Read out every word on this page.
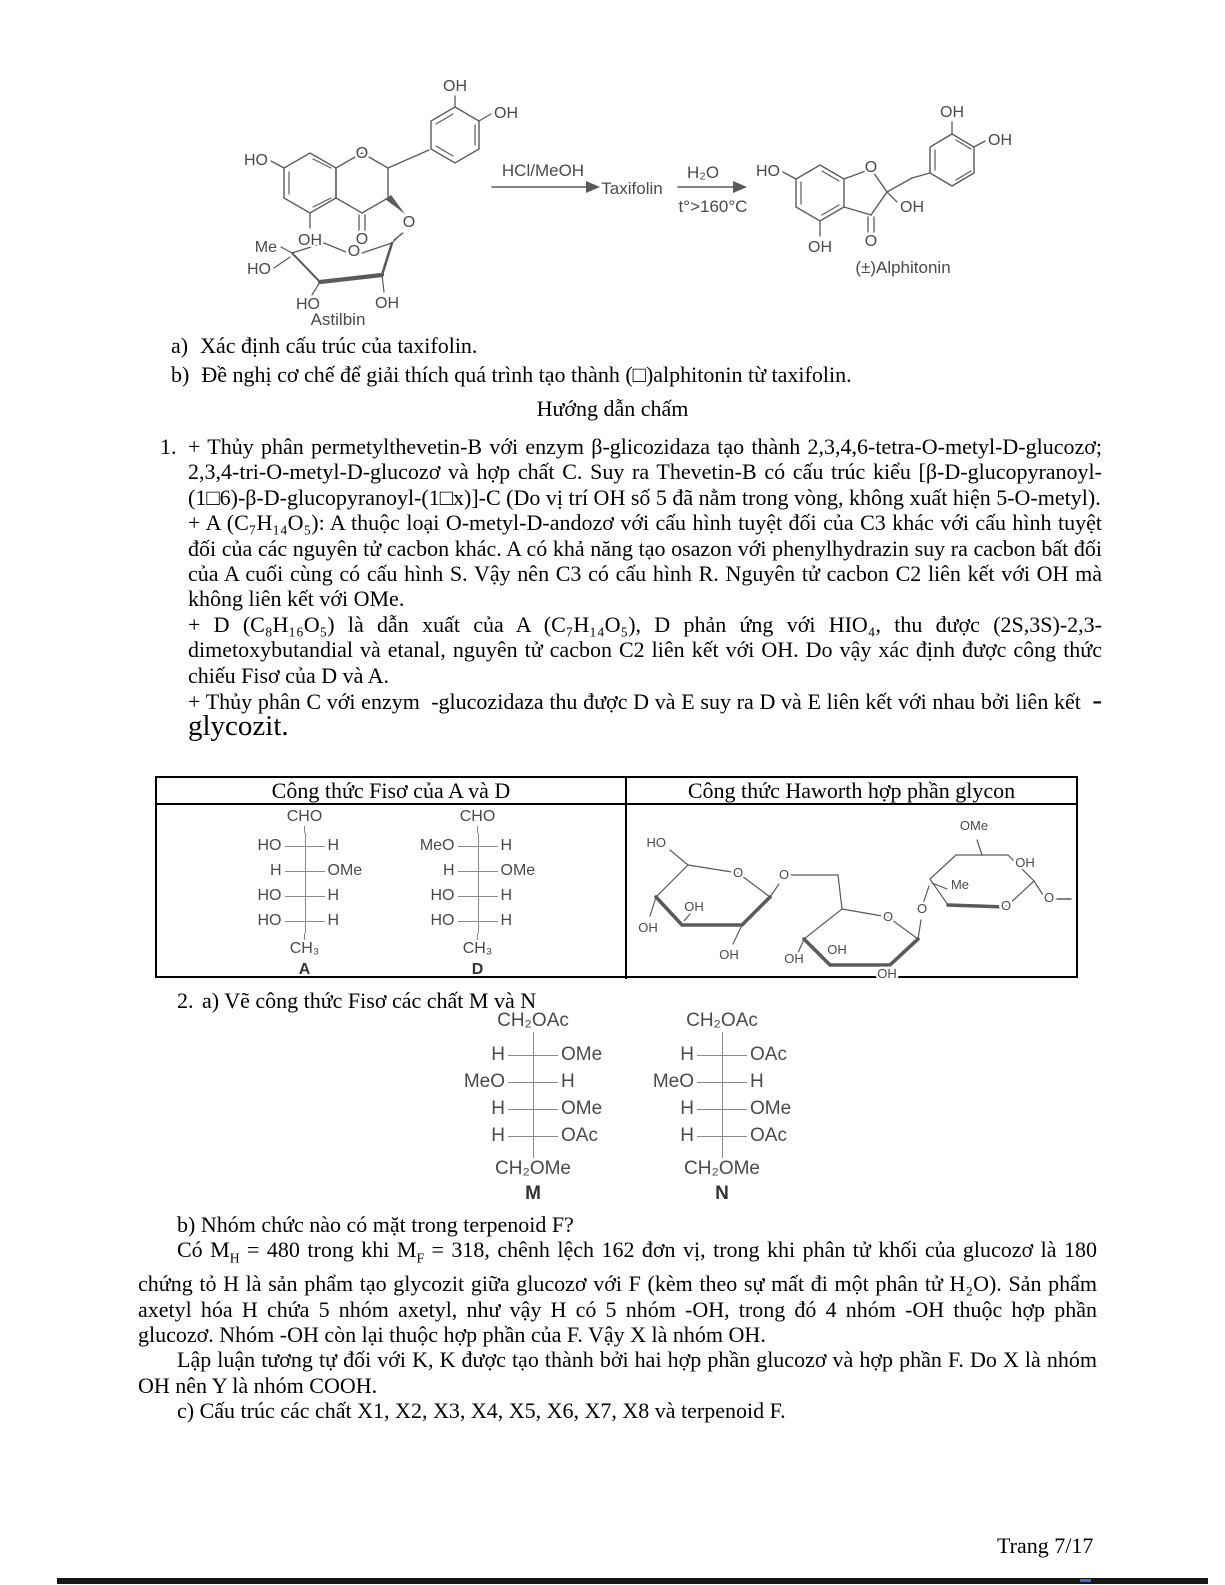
OH
OH
HO	O
O
OH
O
Me	O
HO
HO	OH
Astilbin
HCl/MeOH
Taxifolin
H₂O
t°>160°C
HO	O
OH
O
OH
OH
OH
(±)Alphitonin
a) Xác định cấu trúc của taxifolin.
b) Đề nghị cơ chế để giải thích quá trình tạo thành (□)alphitonin từ taxifolin.
Hướng dẫn chấm
1. + Thủy phân permetylthevetin-B với enzym β-glicozidaza tạo thành 2,3,4,6-tetra-O-metyl-D-glucozơ; 2,3,4-tri-O-metyl-D-glucozơ và hợp chất C. Suy ra Thevetin-B có cấu trúc kiểu [β-D-glucopyranoyl-(1□6)-β-D-glucopyranoyl-(1□x)]-C (Do vị trí OH số 5 đã nằm trong vòng, không xuất hiện 5-O-metyl).

+ A (C₇H₁₄O₅): A thuộc loại O-metyl-D-andozơ với cấu hình tuyệt đối của C3 khác với cấu hình tuyệt đối của các nguyên tử cacbon khác. A có khả năng tạo osazon với phenylhydrazin suy ra cacbon bất đối của A cuối cùng có cấu hình S. Vậy nên C3 có cấu hình R. Nguyên tử cacbon C2 liên kết với OH mà không liên kết với OMe.

+ D (C₈H₁₆O₅) là dẫn xuất của A (C₇H₁₄O₅), D phản ứng với HIO₄, thu được (2S,3S)-2,3-dimetoxybutandial và etanal, nguyên tử cacbon C2 liên kết với OH. Do vậy xác định được công thức chiếu Fisơ của D và A.

+ Thủy phân C với enzym  -glucozidaza thu được D và E suy ra D và E liên kết với nhau bởi liên kết  -glycozit.

Công thức Fisơ của A và D	Công thức Haworth hợp phần glycon
CHO
HO	H
H	OMe
HO	H
HO	H
CH₃
A
CHO
MeO	H
H	OMe
HO	H
HO	H
CH₃
D
HO
O
OH
OH
OH
O
O
OH
OH
OH
O
Me
OMe
OH
O
O
2. a) Vẽ công thức Fisơ các chất M và N
CH₂OAc
H	OMe
MeO	H
H	OMe
H	OAc
CH₂OMe
M
CH₂OAc
H	OAc
MeO	H
H	OMe
H	OAc
CH₂OMe
N

b) Nhóm chức nào có mặt trong terpenoid F?

Có $M_H = 480$ trong khi $M_F = 318$, chênh lệch 162 đơn vị, trong khi phân tử khối của glucozơ là 180 chứng tỏ H là sản phẩm tạo glycozit giữa glucozơ với F (kèm theo sự mất đi một phân tử H₂O). Sản phẩm axetyl hóa H chứa 5 nhóm axetyl, như vậy H có 5 nhóm -OH, trong đó 4 nhóm -OH thuộc hợp phần glucozơ. Nhóm -OH còn lại thuộc hợp phần của F. Vậy X là nhóm OH.

Lập luận tương tự đối với K, K được tạo thành bởi hai hợp phần glucozơ và hợp phần F. Do X là nhóm OH nên Y là nhóm COOH.

c) Cấu trúc các chất X1, X2, X3, X4, X5, X6, X7, X8 và terpenoid F.

Trang 7/17
